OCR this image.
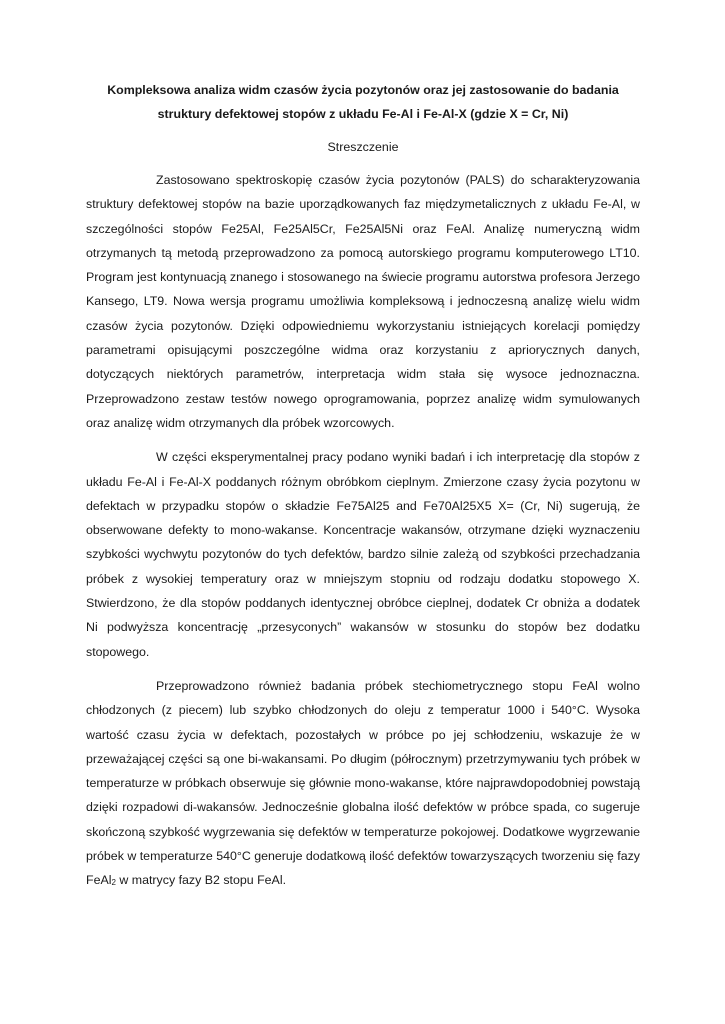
Kompleksowa analiza widm czasów życia pozytonów oraz jej zastosowanie do badania struktury defektowej stopów z układu Fe-Al i Fe-Al-X (gdzie X = Cr, Ni)

Streszczenie

Zastosowano spektroskopię czasów życia pozytonów (PALS) do scharakteryzowania struktury defektowej stopów na bazie uporządkowanych faz międzymetalicznych z układu Fe-Al, w szczególności stopów Fe25Al, Fe25Al5Cr, Fe25Al5Ni oraz FeAl. Analizę numeryczną widm otrzymanych tą metodą przeprowadzono za pomocą autorskiego programu komputerowego LT10. Program jest kontynuacją znanego i stosowanego na świecie programu autorstwa profesora Jerzego Kansego, LT9. Nowa wersja programu umożliwia kompleksową i jednoczesną analizę wielu widm czasów życia pozytonów. Dzięki odpowiedniemu wykorzystaniu istniejących korelacji pomiędzy parametrami opisującymi poszczególne widma oraz korzystaniu z apriorycznych danych, dotyczących niektórych parametrów, interpretacja widm stała się wysoce jednoznaczna. Przeprowadzono zestaw testów nowego oprogramowania, poprzez analizę widm symulowanych oraz analizę widm otrzymanych dla próbek wzorcowych.

W części eksperymentalnej pracy podano wyniki badań i ich interpretację dla stopów z układu Fe-Al i Fe-Al-X poddanych różnym obróbkom cieplnym. Zmierzone czasy życia pozytonu w defektach w przypadku stopów o składzie Fe75Al25 and Fe70Al25X5 X= (Cr, Ni) sugerują, że obserwowane defekty to mono-wakanse. Koncentracje wakansów, otrzymane dzięki wyznaczeniu szybkości wychwytu pozytonów do tych defektów, bardzo silnie zależą od szybkości przechadzania próbek z wysokiej temperatury oraz w mniejszym stopniu od rodzaju dodatku stopowego X. Stwierdzono, że dla stopów poddanych identycznej obróbce cieplnej, dodatek Cr obniża a dodatek Ni podwyższa koncentrację „przesyconych” wakansów w stosunku do stopów bez dodatku stopowego.

Przeprowadzono również badania próbek stechiometrycznego stopu FeAl wolno chłodzonych (z piecem) lub szybko chłodzonych do oleju z temperatur 1000 i 540°C. Wysoka wartość czasu życia w defektach, pozostałych w próbce po jej schłodzeniu, wskazuje że w przeważającej części są one bi-wakansami. Po długim (półrocznym) przetrzymywaniu tych próbek w temperaturze w próbkach obserwuje się głównie mono-wakanse, które najprawdopodobniej powstają dzięki rozpadowi di-wakansów. Jednocześnie globalna ilość defektów w próbce spada, co sugeruje skończoną szybkość wygrzewania się defektów w temperaturze pokojowej. Dodatkowe wygrzewanie próbek w temperaturze 540°C generuje dodatkową ilość defektów towarzyszących tworzeniu się fazy FeAl$_2$ w matrycy fazy B2 stopu FeAl.
